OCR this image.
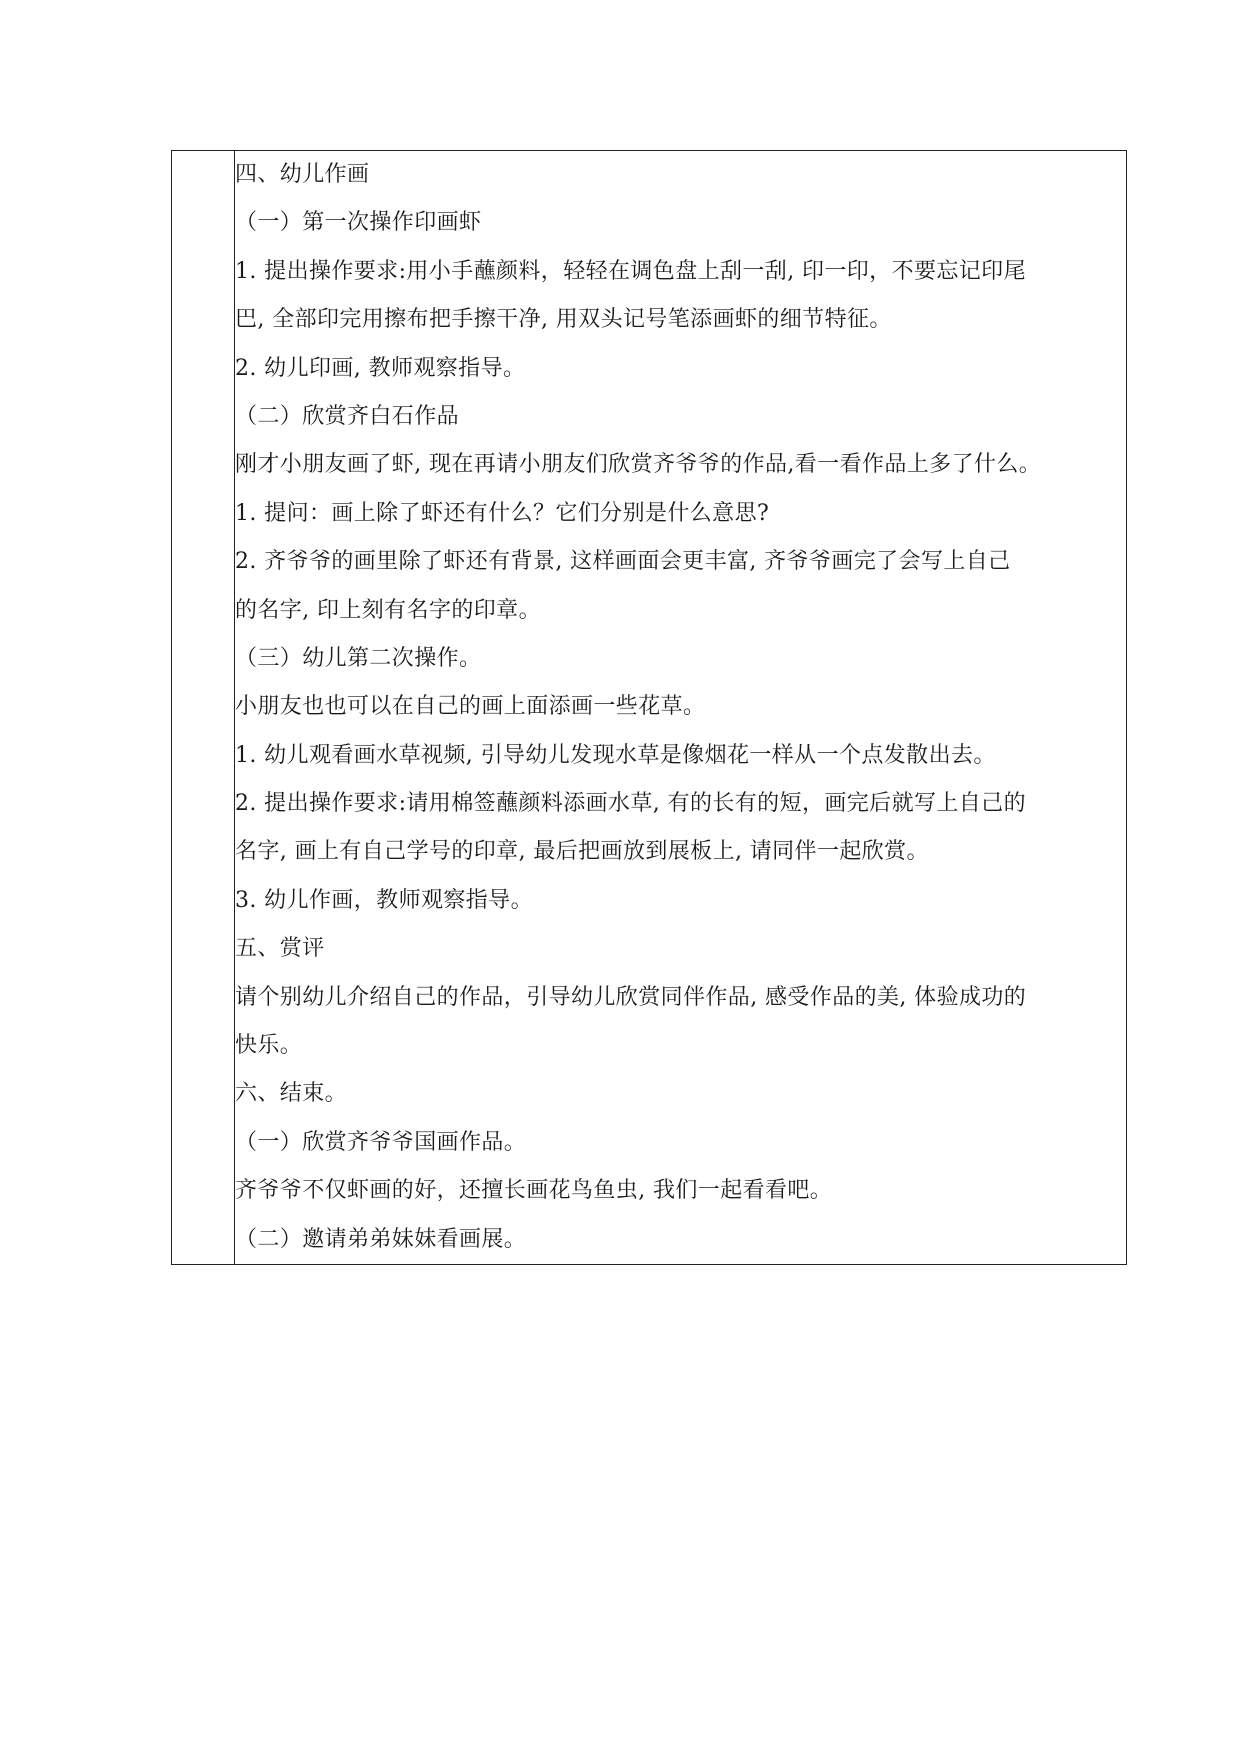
四、幼儿作画
（一）第一次操作印画虾
1. 提出操作要求:用小手蘸颜料，轻轻在调色盘上刮一刮, 印一印，不要忘记印尾
巴, 全部印完用擦布把手擦干净, 用双头记号笔添画虾的细节特征。
2. 幼儿印画, 教师观察指导。
（二）欣赏齐白石作品
刚才小朋友画了虾, 现在再请小朋友们欣赏齐爷爷的作品,看一看作品上多了什么。
1. 提问：画上除了虾还有什么？它们分别是什么意思?
2. 齐爷爷的画里除了虾还有背景, 这样画面会更丰富, 齐爷爷画完了会写上自己
的名字, 印上刻有名字的印章。
（三）幼儿第二次操作。
小朋友也也可以在自己的画上面添画一些花草。
1. 幼儿观看画水草视频, 引导幼儿发现水草是像烟花一样从一个点发散出去。
2. 提出操作要求:请用棉签蘸颜料添画水草, 有的长有的短，画完后就写上自己的
名字, 画上有自己学号的印章, 最后把画放到展板上, 请同伴一起欣赏。
3. 幼儿作画，教师观察指导。
五、赏评
请个别幼儿介绍自己的作品，引导幼儿欣赏同伴作品, 感受作品的美, 体验成功的
快乐。
六、结束。
（一）欣赏齐爷爷国画作品。
齐爷爷不仅虾画的好，还擅长画花鸟鱼虫, 我们一起看看吧。
（二）邀请弟弟妹妹看画展。
